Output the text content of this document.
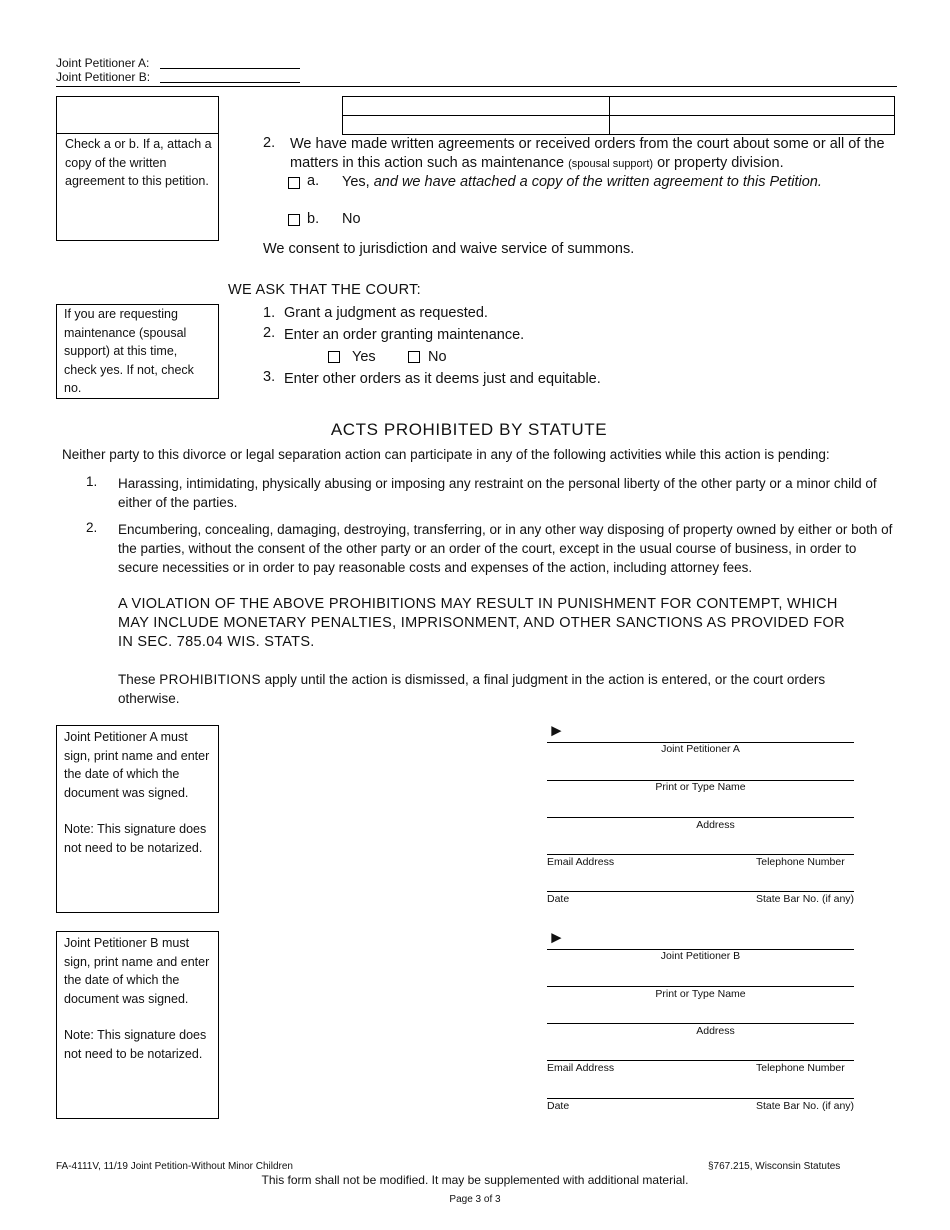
Joint Petitioner A:
Joint Petitioner B:
Check a or b. If a, attach a copy of the written agreement to this petition.
2. We have made written agreements or received orders from the court about some or all of the matters in this action such as maintenance (spousal support) or property division.
a. Yes, and we have attached a copy of the written agreement to this Petition.
b. No
We consent to jurisdiction and waive service of summons.
WE ASK THAT THE COURT:
If you are requesting maintenance (spousal support) at this time, check yes. If not, check no.
1. Grant a judgment as requested.
2. Enter an order granting maintenance.
Yes	No
3. Enter other orders as it deems just and equitable.
ACTS PROHIBITED BY STATUTE
Neither party to this divorce or legal separation action can participate in any of the following activities while this action is pending:
1. Harassing, intimidating, physically abusing or imposing any restraint on the personal liberty of the other party or a minor child of either of the parties.
2. Encumbering, concealing, damaging, destroying, transferring, or in any other way disposing of property owned by either or both of the parties, without the consent of the other party or an order of the court, except in the usual course of business, in order to secure necessities or in order to pay reasonable costs and expenses of the action, including attorney fees.
A VIOLATION OF THE ABOVE PROHIBITIONS MAY RESULT IN PUNISHMENT FOR CONTEMPT, WHICH MAY INCLUDE MONETARY PENALTIES, IMPRISONMENT, AND OTHER SANCTIONS AS PROVIDED FOR IN SEC. 785.04 WIS. STATS.
These PROHIBITIONS apply until the action is dismissed, a final judgment in the action is entered, or the court orders otherwise.
Joint Petitioner A must sign, print name and enter the date of which the document was signed.
Note: This signature does not need to be notarized.
►
Joint Petitioner A
Print or Type Name
Address
Email Address	Telephone Number
Date	State Bar No. (if any)
Joint Petitioner B must sign, print name and enter the date of which the document was signed.
Note: This signature does not need to be notarized.
►
Joint Petitioner B
Print or Type Name
Address
Email Address	Telephone Number
Date	State Bar No. (if any)
FA-4111V, 11/19 Joint Petition-Without Minor Children	§767.215, Wisconsin Statutes
This form shall not be modified. It may be supplemented with additional material.
Page 3 of 3
